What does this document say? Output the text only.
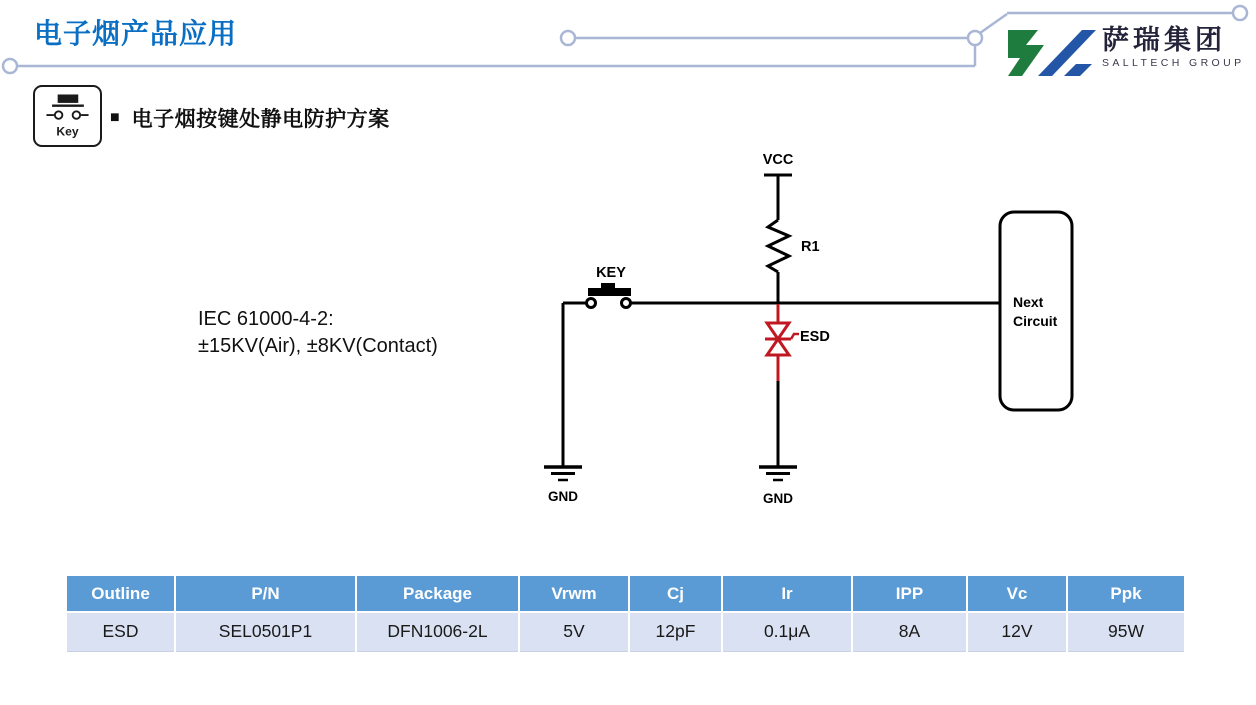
电子烟产品应用	萨瑞集团
SALLTECH GROUP
Key
■ 电子烟按键处静电防护方案
IEC 61000-4-2:
±15KV(Air), ±8KV(Contact)
VCC
R1
KEY
GND
ESD
GND
Next
Circuit
Outline	P/N	Package	Vrwm	Cj	Ir	IPP	Vc	Ppk
ESD	SEL0501P1	DFN1006-2L	5V	12pF	0.1μA	8A	12V	95W
